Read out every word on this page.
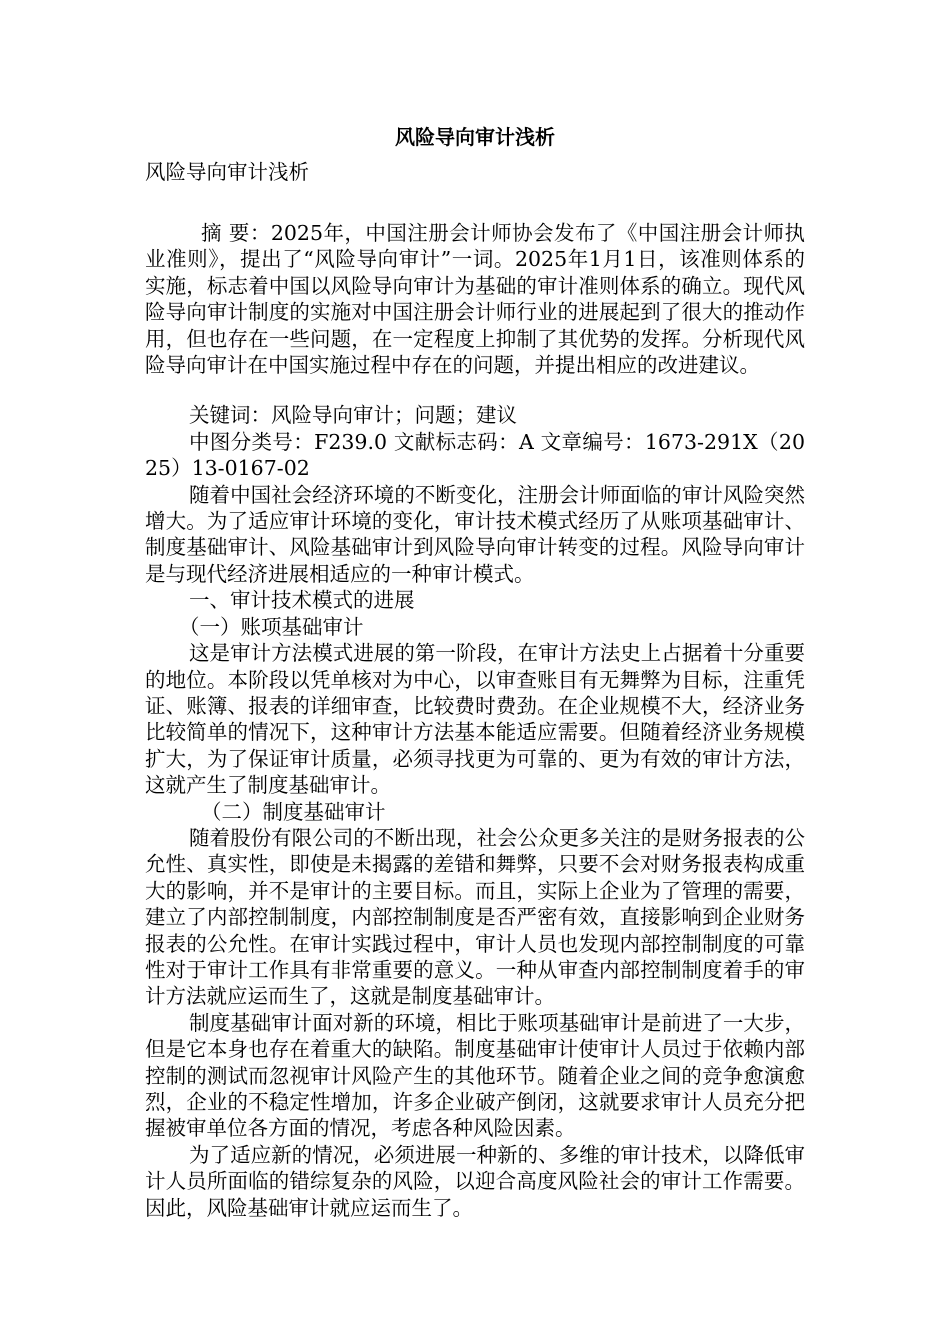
风险导向审计浅析

风险导向审计浅析

摘 要：2025年，中国注册会计师协会发布了《中国注册会计师执业准则》，提出了“风险导向审计”一词。2025年1月1日，该准则体系的实施，标志着中国以风险导向审计为基础的审计准则体系的确立。现代风险导向审计制度的实施对中国注册会计师行业的进展起到了很大的推动作用，但也存在一些问题，在一定程度上抑制了其优势的发挥。分析现代风险导向审计在中国实施过程中存在的问题，并提出相应的改进建议。

关键词：风险导向审计；问题；建议

中图分类号：F239.0 文献标志码：A 文章编号：1673-291X（2025）13-0167-02

随着中国社会经济环境的不断变化，注册会计师面临的审计风险突然增大。为了适应审计环境的变化，审计技术模式经历了从账项基础审计、制度基础审计、风险基础审计到风险导向审计转变的过程。风险导向审计是与现代经济进展相适应的一种审计模式。

一、审计技术模式的进展

（一）账项基础审计

这是审计方法模式进展的第一阶段，在审计方法史上占据着十分重要的地位。本阶段以凭单核对为中心，以审查账目有无舞弊为目标，注重凭证、账簿、报表的详细审查，比较费时费劲。在企业规模不大，经济业务比较简单的情况下，这种审计方法基本能适应需要。但随着经济业务规模扩大，为了保证审计质量，必须寻找更为可靠的、更为有效的审计方法，这就产生了制度基础审计。

（二）制度基础审计

随着股份有限公司的不断出现，社会公众更多关注的是财务报表的公允性、真实性，即使是未揭露的差错和舞弊，只要不会对财务报表构成重大的影响，并不是审计的主要目标。而且，实际上企业为了管理的需要，建立了内部控制制度，内部控制制度是否严密有效，直接影响到企业财务报表的公允性。在审计实践过程中，审计人员也发现内部控制制度的可靠性对于审计工作具有非常重要的意义。一种从审查内部控制制度着手的审计方法就应运而生了，这就是制度基础审计。

制度基础审计面对新的环境，相比于账项基础审计是前进了一大步，但是它本身也存在着重大的缺陷。制度基础审计使审计人员过于依赖内部控制的测试而忽视审计风险产生的其他环节。随着企业之间的竞争愈演愈烈，企业的不稳定性增加，许多企业破产倒闭，这就要求审计人员充分把握被审单位各方面的情况，考虑各种风险因素。

为了适应新的情况，必须进展一种新的、多维的审计技术，以降低审计人员所面临的错综复杂的风险，以迎合高度风险社会的审计工作需要。因此，风险基础审计就应运而生了。
